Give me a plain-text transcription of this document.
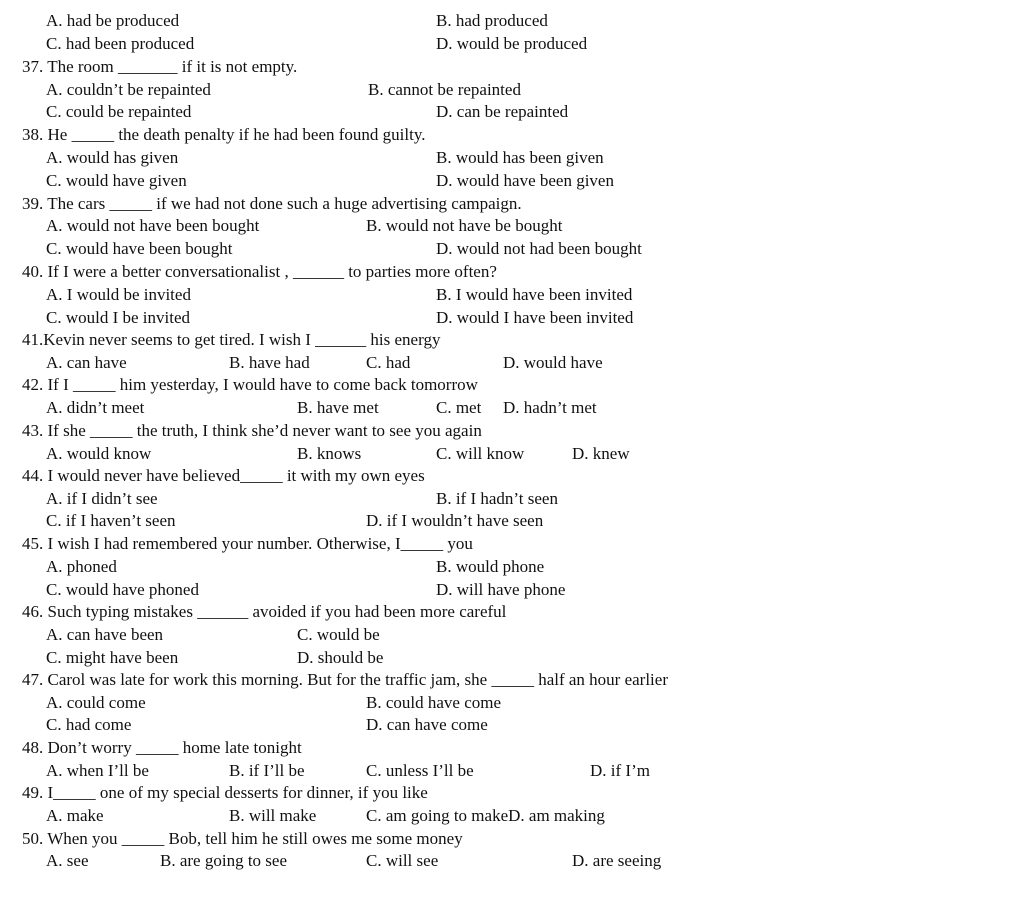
A. had be produced	B. had produced
C. had been produced	D. would be produced
37. The room _______ if it is not empty.
A. couldn’t be repainted	B. cannot be repainted
C. could be repainted	D. can be repainted
38. He _____ the death penalty if he had been found guilty.
A. would has given	B. would has been given
C. would have given	D. would have been given
39. The cars _____ if we had not done such a huge advertising campaign.
A. would not have been bought	B. would not have be bought
C. would have been bought	D. would not had been bought
40. If I were a better conversationalist , ______ to parties more often?
A. I would be invited	B. I would have been invited
C. would I be invited	D. would I have been invited
41.Kevin never seems to get tired. I wish I ______ his energy
A. can have	B. have had	C. had	D. would have
42. If I _____ him yesterday, I would have to come back tomorrow
A. didn’t meet	B. have met	C. met D. hadn’t met
43. If she _____ the truth, I think she’d never want to see you again
A. would know	B. knows	C. will know	D. knew
44. I would never have believed_____ it with my own eyes
A. if I didn’t see	B. if I hadn’t seen
C. if I haven’t seen	D. if I wouldn’t have seen
45. I wish I had remembered your number. Otherwise, I_____ you
A. phoned	B. would phone
C. would have phoned	D. will have phone
46. Such typing mistakes ______ avoided if you had been more careful
A. can have been	C. would be
C. might have been	D. should be
47. Carol was late for work this morning. But for the traffic jam, she _____ half an hour earlier
A. could come	B. could have come
C. had come	D. can have come
48. Don’t worry _____ home late tonight
A. when I’ll be	B. if I’ll be	C. unless I’ll be	D. if I’m
49. I_____ one of my special desserts for dinner, if you like
A. make	B. will make	C. am going to makeD. am making
50. When you _____ Bob, tell him he still owes me some money
A. see	B. are going to see	C. will see	D. are seeing
